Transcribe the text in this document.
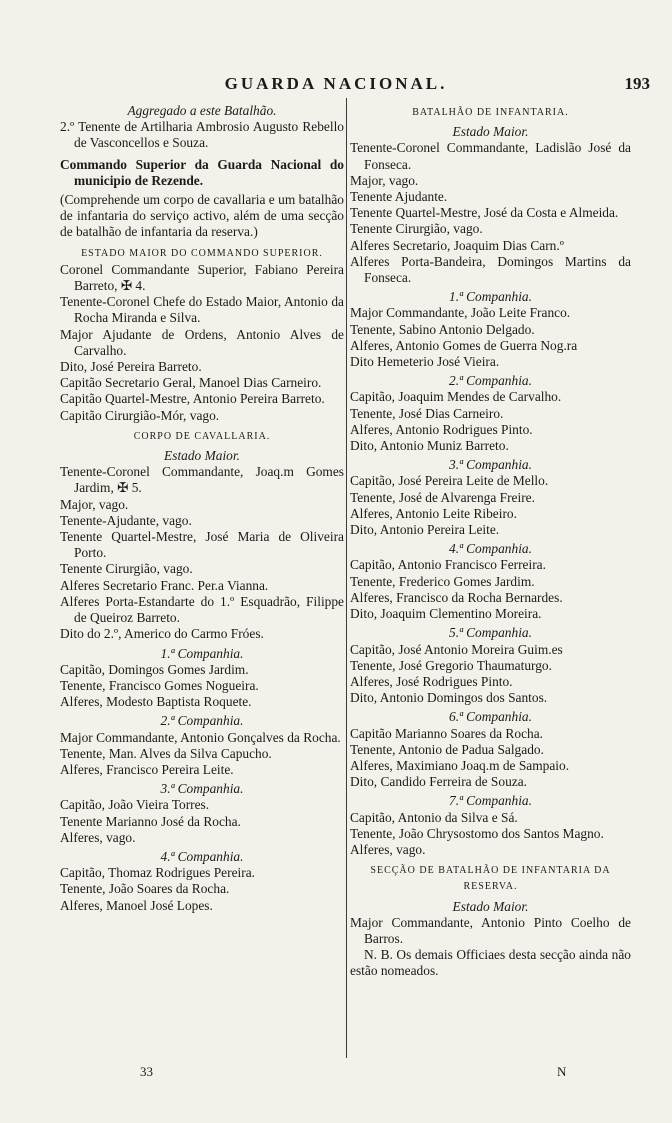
GUARDA NACIONAL.	193

Aggregado a este Batalhão.

2.º Tenente de Artilharia Ambrosio Augusto Rebello de Vasconcellos e Souza.

Commando Superior da Guarda Nacional do municipio de Rezende.

(Comprehende um corpo de cavallaria e um batalhão de infantaria do serviço activo, além de uma secção de batalhão de infantaria da reserva.)

ESTADO MAIOR DO COMMANDO SUPERIOR.

Coronel Commandante Superior, Fabiano Pereira Barreto, ✠ 4.

Tenente-Coronel Chefe do Estado Maior, Antonio da Rocha Miranda e Silva.

Major Ajudante de Ordens, Antonio Alves de Carvalho.

Dito, José Pereira Barreto.

Capitão Secretario Geral, Manoel Dias Carneiro.

Capitão Quartel-Mestre, Antonio Pereira Barreto.

Capitão Cirurgião-Mór, vago.

CORPO DE CAVALLARIA.

Estado Maior.

Tenente-Coronel Commandante, Joaq.m Gomes Jardim, ✠ 5.

Major, vago.

Tenente-Ajudante, vago.

Tenente Quartel-Mestre, José Maria de Oliveira Porto.

Tenente Cirurgião, vago.

Alferes Secretario Franc. Per.a Vianna.

Alferes Porta-Estandarte do 1.º Esquadrão, Filippe de Queiroz Barreto.

Dito do 2.º, Americo do Carmo Fróes.

1.ª Companhia.

Capitão, Domingos Gomes Jardim.

Tenente, Francisco Gomes Nogueira.

Alferes, Modesto Baptista Roquete.

2.ª Companhia.

Major Commandante, Antonio Gonçalves da Rocha.

Tenente, Man. Alves da Silva Capucho.

Alferes, Francisco Pereira Leite.

3.ª Companhia.

Capitão, João Vieira Torres.

Tenente Marianno José da Rocha.

Alferes, vago.

4.ª Companhia.

Capitão, Thomaz Rodrigues Pereira.

Tenente, João Soares da Rocha.

Alferes, Manoel José Lopes.

BATALHÃO DE INFANTARIA.

Estado Maior.

Tenente-Coronel Commandante, Ladislão José da Fonseca.

Major, vago.

Tenente Ajudante.

Tenente Quartel-Mestre, José da Costa e Almeida.

Tenente Cirurgião, vago.

Alferes Secretario, Joaquim Dias Carn.º

Alferes Porta-Bandeira, Domingos Martins da Fonseca.

1.ª Companhia.

Major Commandante, João Leite Franco.

Tenente, Sabino Antonio Delgado.

Alferes, Antonio Gomes de Guerra Nog.ra

Dito Hemeterio José Vieira.

2.ª Companhia.

Capitão, Joaquim Mendes de Carvalho.

Tenente, José Dias Carneiro.

Alferes, Antonio Rodrigues Pinto.

Dito, Antonio Muniz Barreto.

3.ª Companhia.

Capitão, José Pereira Leite de Mello.

Tenente, José de Alvarenga Freire.

Alferes, Antonio Leite Ribeiro.

Dito, Antonio Pereira Leite.

4.ª Companhia.

Capitão, Antonio Francisco Ferreira.

Tenente, Frederico Gomes Jardim.

Alferes, Francisco da Rocha Bernardes.

Dito, Joaquim Clementino Moreira.

5.ª Companhia.

Capitão, José Antonio Moreira Guim.es

Tenente, José Gregorio Thaumaturgo.

Alferes, José Rodrigues Pinto.

Dito, Antonio Domingos dos Santos.

6.ª Companhia.

Capitão Marianno Soares da Rocha.

Tenente, Antonio de Padua Salgado.

Alferes, Maximiano Joaq.m de Sampaio.

Dito, Candido Ferreira de Souza.

7.ª Companhia.

Capitão, Antonio da Silva e Sá.

Tenente, João Chrysostomo dos Santos Magno.

Alferes, vago.

SECÇÃO DE BATALHÃO DE INFANTARIA DA RESERVA.

Estado Maior.

Major Commandante, Antonio Pinto Coelho de Barros.

N. B. Os demais Officiaes desta secção ainda não estão nomeados.

33	N
